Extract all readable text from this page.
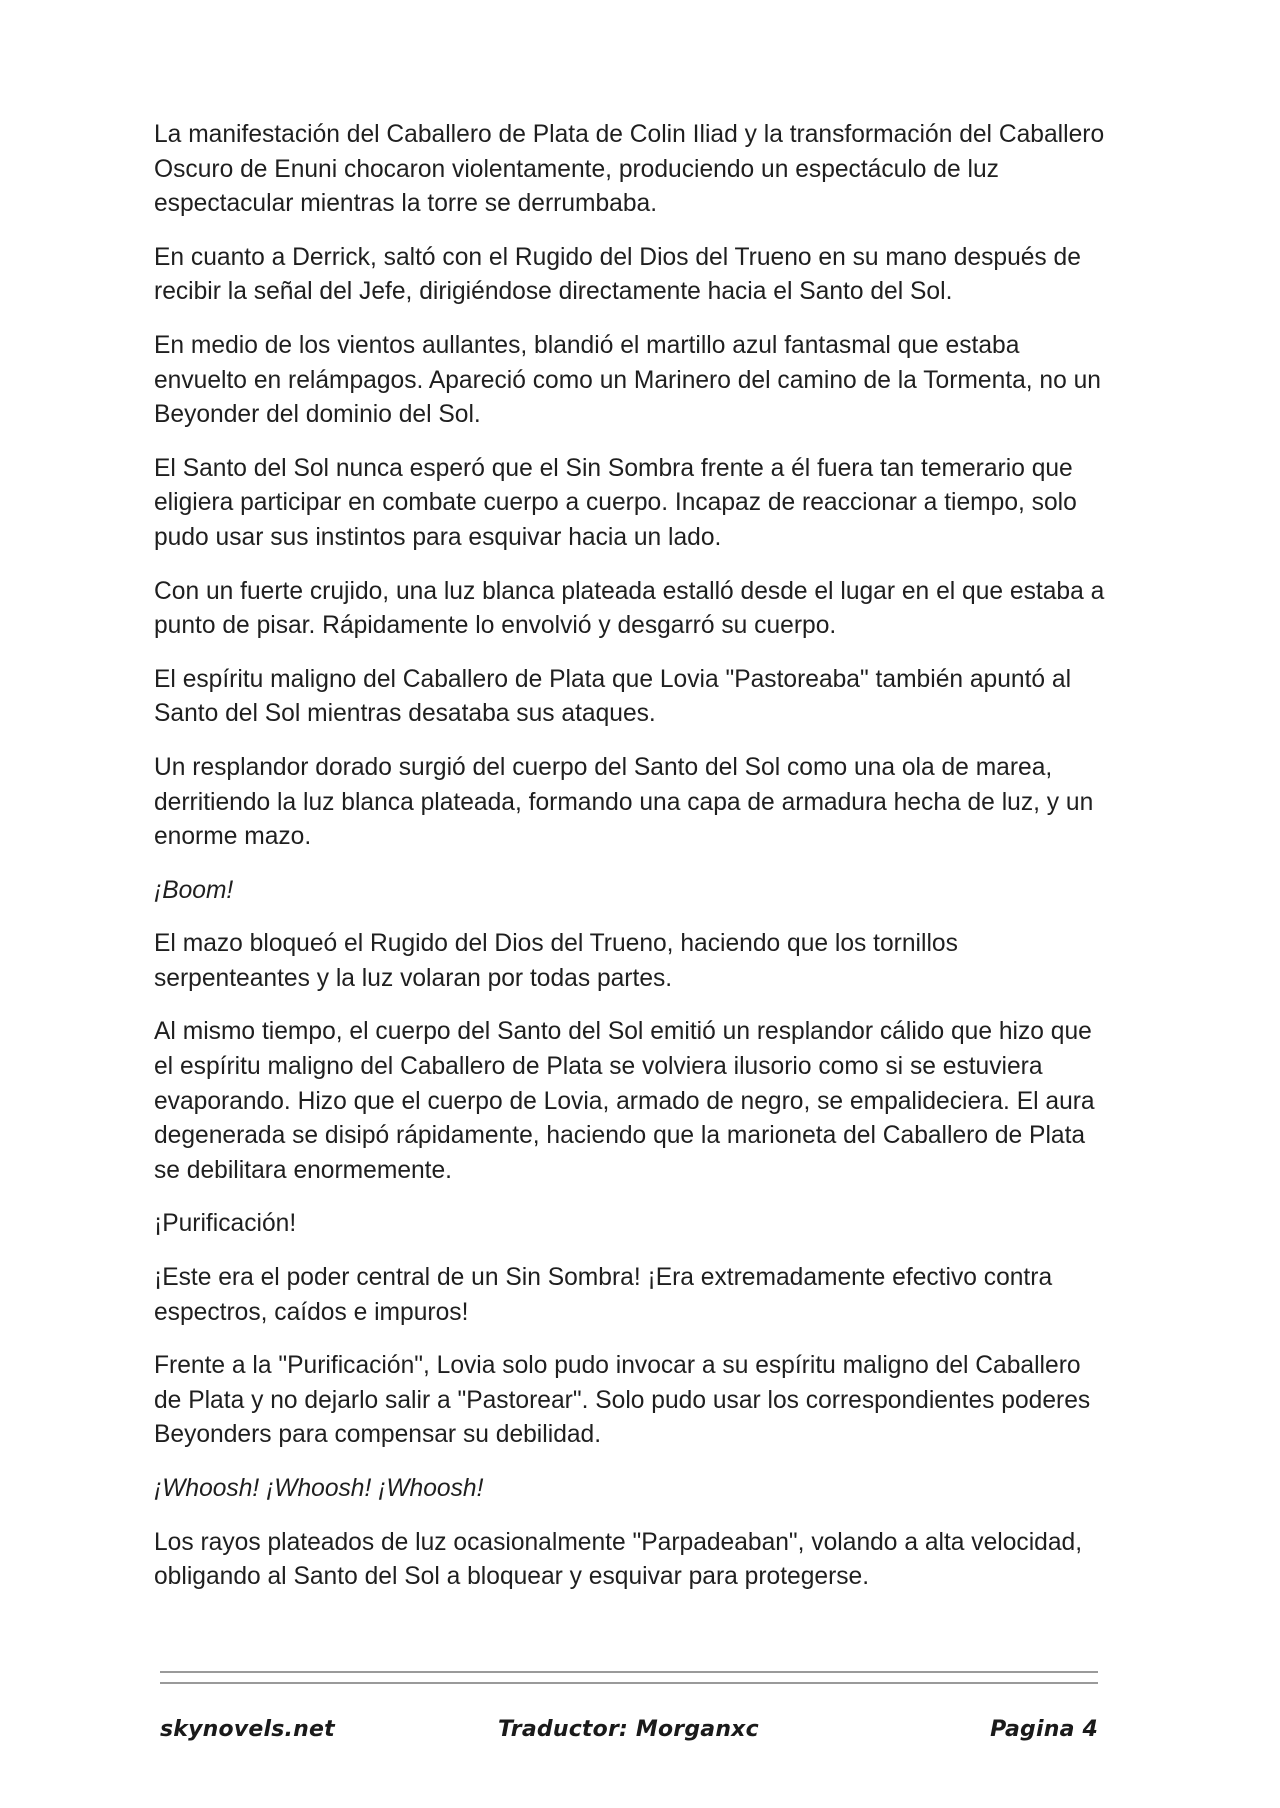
La manifestación del Caballero de Plata de Colin Iliad y la transformación del Caballero Oscuro de Enuni chocaron violentamente, produciendo un espectáculo de luz espectacular mientras la torre se derrumbaba.

En cuanto a Derrick, saltó con el Rugido del Dios del Trueno en su mano después de recibir la señal del Jefe, dirigiéndose directamente hacia el Santo del Sol.

En medio de los vientos aullantes, blandió el martillo azul fantasmal que estaba envuelto en relámpagos. Apareció como un Marinero del camino de la Tormenta, no un Beyonder del dominio del Sol.

El Santo del Sol nunca esperó que el Sin Sombra frente a él fuera tan temerario que eligiera participar en combate cuerpo a cuerpo. Incapaz de reaccionar a tiempo, solo pudo usar sus instintos para esquivar hacia un lado.

Con un fuerte crujido, una luz blanca plateada estalló desde el lugar en el que estaba a punto de pisar. Rápidamente lo envolvió y desgarró su cuerpo.

El espíritu maligno del Caballero de Plata que Lovia "Pastoreaba" también apuntó al Santo del Sol mientras desataba sus ataques.

Un resplandor dorado surgió del cuerpo del Santo del Sol como una ola de marea, derritiendo la luz blanca plateada, formando una capa de armadura hecha de luz, y un enorme mazo.

¡Boom!

El mazo bloqueó el Rugido del Dios del Trueno, haciendo que los tornillos serpenteantes y la luz volaran por todas partes.

Al mismo tiempo, el cuerpo del Santo del Sol emitió un resplandor cálido que hizo que el espíritu maligno del Caballero de Plata se volviera ilusorio como si se estuviera evaporando. Hizo que el cuerpo de Lovia, armado de negro, se empalideciera. El aura degenerada se disipó rápidamente, haciendo que la marioneta del Caballero de Plata se debilitara enormemente.

¡Purificación!

¡Este era el poder central de un Sin Sombra! ¡Era extremadamente efectivo contra espectros, caídos e impuros!

Frente a la "Purificación", Lovia solo pudo invocar a su espíritu maligno del Caballero de Plata y no dejarlo salir a "Pastorear". Solo pudo usar los correspondientes poderes Beyonders para compensar su debilidad.

¡Whoosh! ¡Whoosh! ¡Whoosh!

Los rayos plateados de luz ocasionalmente "Parpadeaban", volando a alta velocidad, obligando al Santo del Sol a bloquear y esquivar para protegerse.

skynovels.net	Traductor: Morganxc	Pagina 4
